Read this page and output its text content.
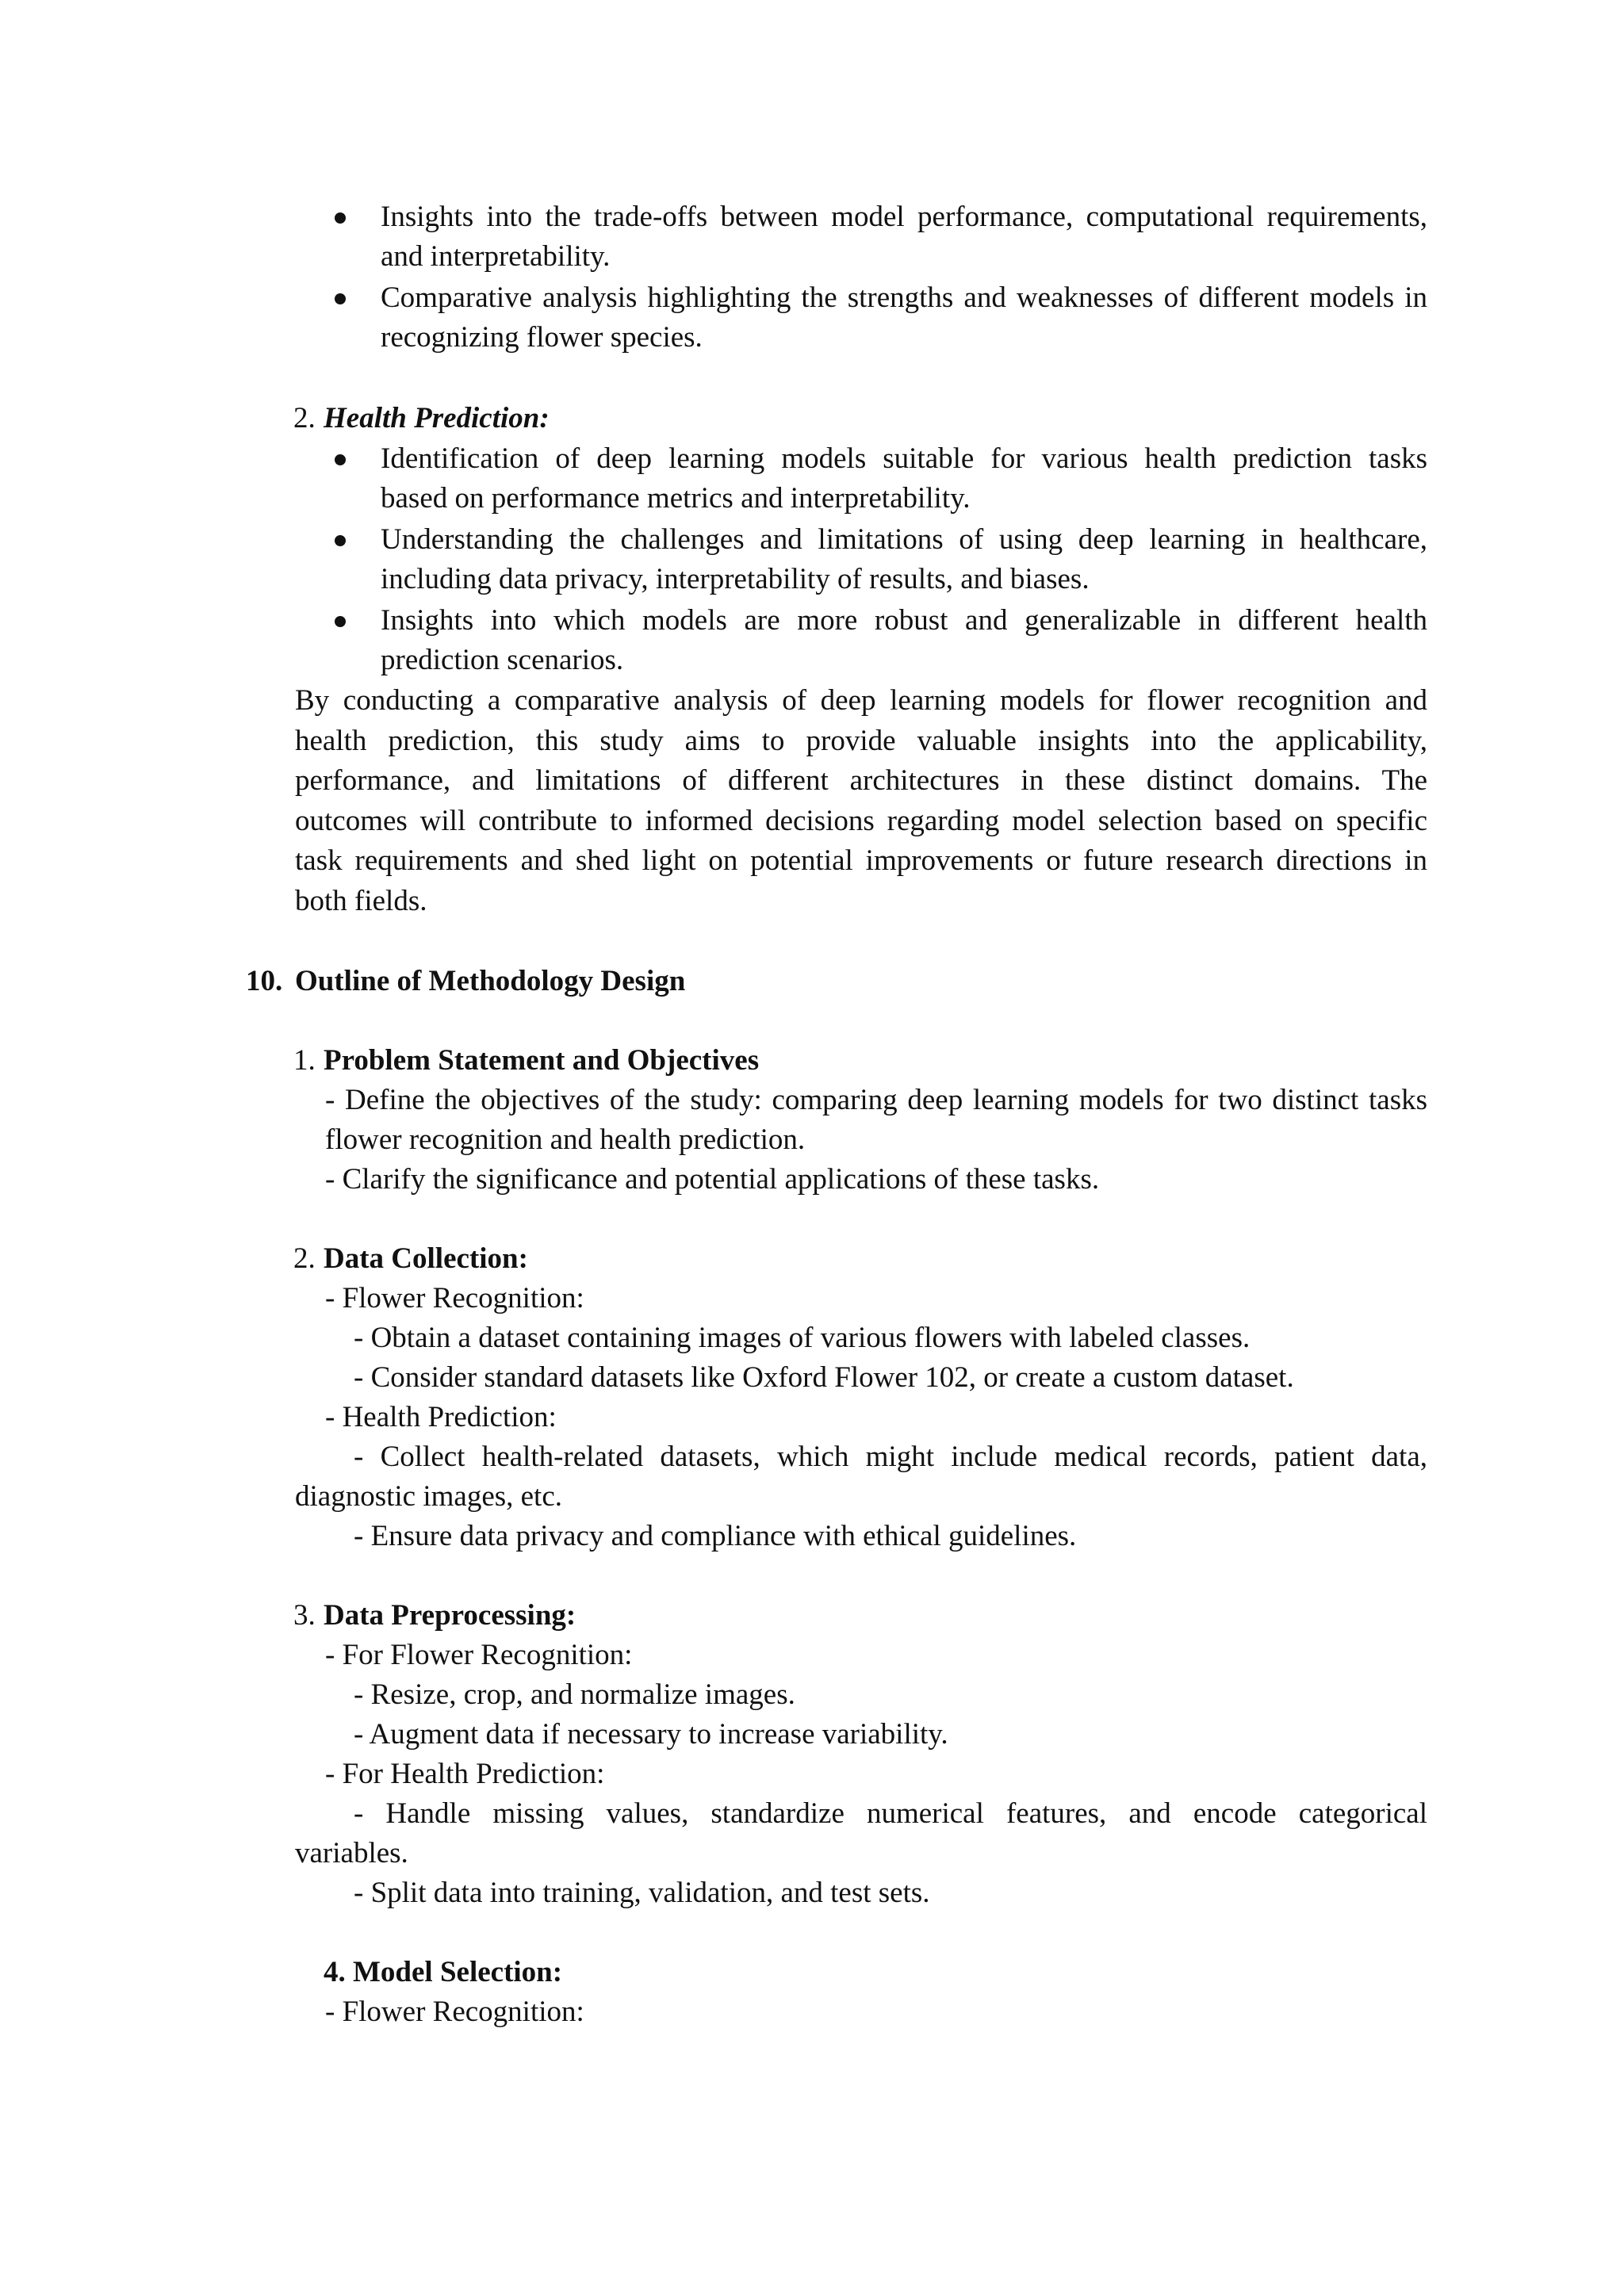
Insights into the trade-offs between model performance, computational requirements,
and interpretability.
Comparative analysis highlighting the strengths and weaknesses of different models in
recognizing flower species.
2. Health Prediction:
Identification of deep learning models suitable for various health prediction tasks
based on performance metrics and interpretability.
Understanding the challenges and limitations of using deep learning in healthcare,
including data privacy, interpretability of results, and biases.
Insights into which models are more robust and generalizable in different health
prediction scenarios.
By conducting a comparative analysis of deep learning models for flower recognition and
health prediction, this study aims to provide valuable insights into the applicability,
performance, and limitations of different architectures in these distinct domains. The
outcomes will contribute to informed decisions regarding model selection based on specific
task requirements and shed light on potential improvements or future research directions in
both fields.
10. Outline of Methodology Design
1. Problem Statement and Objectives
- Define the objectives of the study: comparing deep learning models for two distinct tasks
flower recognition and health prediction.
- Clarify the significance and potential applications of these tasks.
2. Data Collection:
- Flower Recognition:
- Obtain a dataset containing images of various flowers with labeled classes.
- Consider standard datasets like Oxford Flower 102, or create a custom dataset.
- Health Prediction:
- Collect health-related datasets, which might include medical records, patient data,
diagnostic images, etc.
- Ensure data privacy and compliance with ethical guidelines.
3. Data Preprocessing:
- For Flower Recognition:
- Resize, crop, and normalize images.
- Augment data if necessary to increase variability.
- For Health Prediction:
- Handle missing values, standardize numerical features, and encode categorical
variables.
- Split data into training, validation, and test sets.
4. Model Selection:
- Flower Recognition:
